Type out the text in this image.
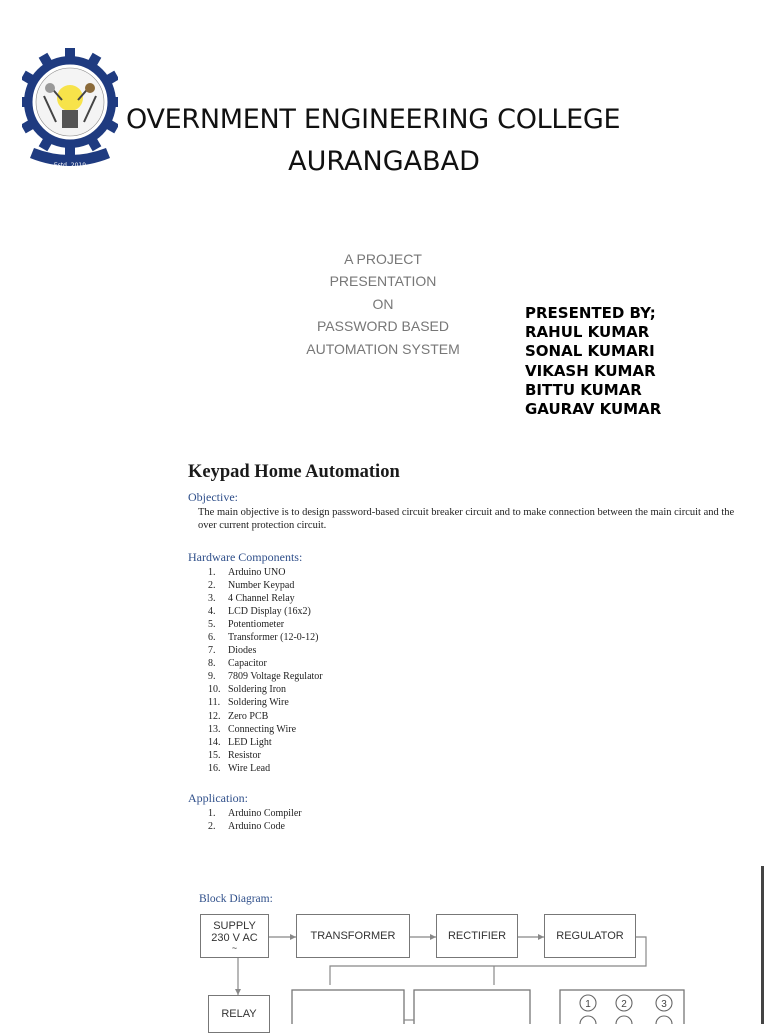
Estd. 2019
OVERNMENT ENGINEERING COLLEGE
AURANGABAD
A PROJECT
PRESENTATION
ON
PASSWORD BASED
AUTOMATION SYSTEM
PRESENTED BY;
RAHUL KUMAR
SONAL KUMARI
VIKASH KUMAR
BITTU KUMAR
GAURAV KUMAR
Keypad Home Automation
Objective:
The main objective is to design password-based circuit breaker circuit and to make connection between the main circuit and the over current protection circuit.
Hardware Components:
1. Arduino UNO
2. Number Keypad
3. 4 Channel Relay
4. LCD Display (16x2)
5. Potentiometer
6. Transformer (12-0-12)
7. Diodes
8. Capacitor
9. 7809 Voltage Regulator
10. Soldering Iron
11. Soldering Wire
12. Zero PCB
13. Connecting Wire
14. LED Light
15. Resistor
16. Wire Lead
Application:
1. Arduino Compiler
2. Arduino Code
Block Diagram:
1	2	3
SUPPLY
230 V AC
~
TRANSFORMER	RECTIFIER	REGULATOR
RELAY
